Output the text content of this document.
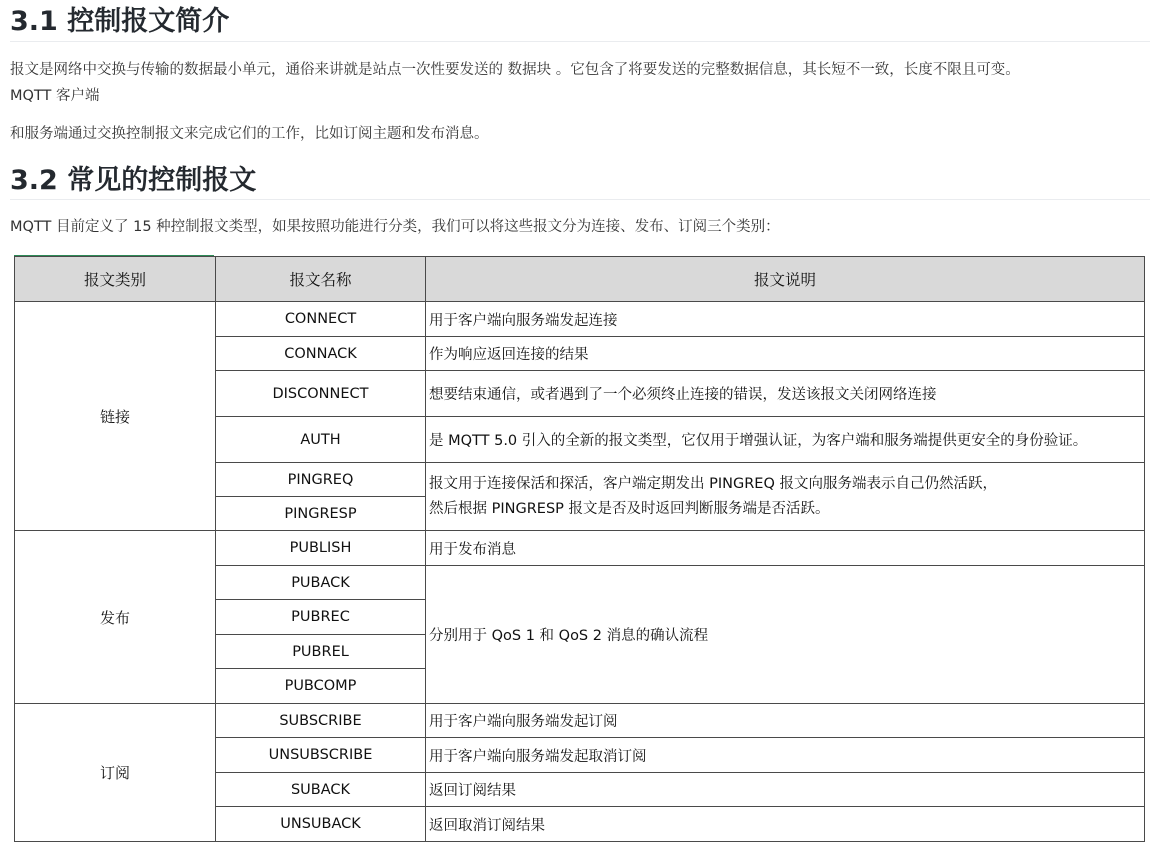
3.1 控制报文简介

报文是网络中交换与传输的数据最小单元，通俗来讲就是站点一次性要发送的 数据块 。它包含了将要发送的完整数据信息，其长短不一致，长度不限且可变。

MQTT 客户端

和服务端通过交换控制报文来完成它们的工作，比如订阅主题和发布消息。

3.2 常见的控制报文

MQTT 目前定义了 15 种控制报文类型，如果按照功能进行分类，我们可以将这些报文分为连接、发布、订阅三个类别：

报文类别	报文名称	报文说明
链接	CONNECT	用于客户端向服务端发起连接
	CONNACK	作为响应返回连接的结果
	DISCONNECT	想要结束通信，或者遇到了一个必须终止连接的错误，发送该报文关闭网络连接
	AUTH	是 MQTT 5.0 引入的全新的报文类型，它仅用于增强认证，为客户端和服务端提供更安全的身份验证。
	PINGREQ	报文用于连接保活和探活，客户端定期发出 PINGREQ 报文向服务端表示自己仍然活跃，
然后根据 PINGRESP 报文是否及时返回判断服务端是否活跃。

	PINGRESP	
发布	PUBLISH	用于发布消息
	PUBACK	分别用于 QoS 1 和 QoS 2 消息的确认流程
	PUBREC	
	PUBREL	
	PUBCOMP	
订阅	SUBSCRIBE	用于客户端向服务端发起订阅
	UNSUBSCRIBE	用于客户端向服务端发起取消订阅
	SUBACK	返回订阅结果
	UNSUBACK	返回取消订阅结果
